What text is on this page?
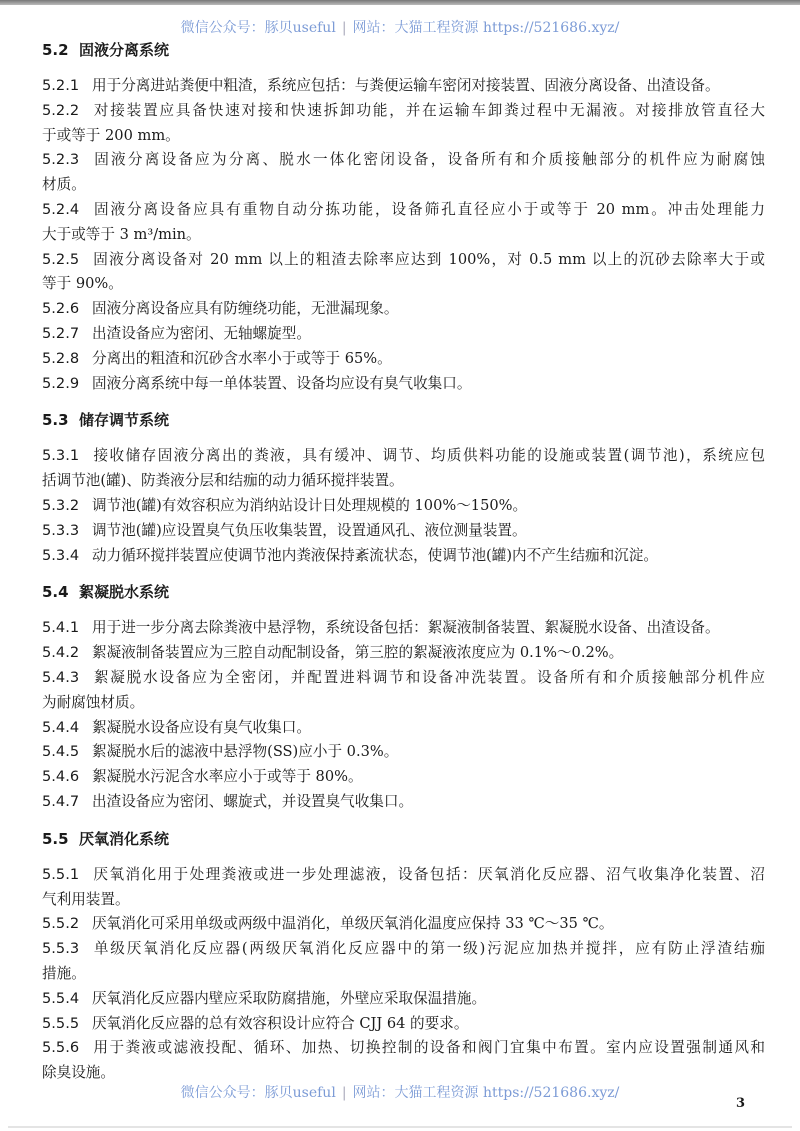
微信公众号：豚贝useful | 网站：大猫工程资源 https://521686.xyz/
5.2 固液分离系统
5.2.1 用于分离进站粪便中粗渣，系统应包括：与粪便运输车密闭对接装置、固液分离设备、出渣设备。
5.2.2 对接装置应具备快速对接和快速拆卸功能，并在运输车卸粪过程中无漏液。对接排放管直径大
于或等于 200 mm。
5.2.3 固液分离设备应为分离、脱水一体化密闭设备，设备所有和介质接触部分的机件应为耐腐蚀
材质。
5.2.4 固液分离设备应具有重物自动分拣功能，设备筛孔直径应小于或等于 20 mm。冲击处理能力
大于或等于 3 m³/min。
5.2.5 固液分离设备对 20 mm 以上的粗渣去除率应达到 100%，对 0.5 mm 以上的沉砂去除率大于或
等于 90%。
5.2.6 固液分离设备应具有防缠绕功能，无泄漏现象。
5.2.7 出渣设备应为密闭、无轴螺旋型。
5.2.8 分离出的粗渣和沉砂含水率小于或等于 65%。
5.2.9 固液分离系统中每一单体装置、设备均应设有臭气收集口。
5.3 储存调节系统
5.3.1 接收储存固液分离出的粪液，具有缓冲、调节、均质供料功能的设施或装置(调节池)，系统应包
括调节池(罐)、防粪液分层和结痂的动力循环搅拌装置。
5.3.2 调节池(罐)有效容积应为消纳站设计日处理规模的 100%～150%。
5.3.3 调节池(罐)应设置臭气负压收集装置，设置通风孔、液位测量装置。
5.3.4 动力循环搅拌装置应使调节池内粪液保持紊流状态，使调节池(罐)内不产生结痂和沉淀。
5.4 絮凝脱水系统
5.4.1 用于进一步分离去除粪液中悬浮物，系统设备包括：絮凝液制备装置、絮凝脱水设备、出渣设备。
5.4.2 絮凝液制备装置应为三腔自动配制设备，第三腔的絮凝液浓度应为 0.1%～0.2%。
5.4.3 絮凝脱水设备应为全密闭，并配置进料调节和设备冲洗装置。设备所有和介质接触部分机件应
为耐腐蚀材质。
5.4.4 絮凝脱水设备应设有臭气收集口。
5.4.5 絮凝脱水后的滤液中悬浮物(SS)应小于 0.3%。
5.4.6 絮凝脱水污泥含水率应小于或等于 80%。
5.4.7 出渣设备应为密闭、螺旋式，并设置臭气收集口。
5.5 厌氧消化系统
5.5.1 厌氧消化用于处理粪液或进一步处理滤液，设备包括：厌氧消化反应器、沼气收集净化装置、沼
气利用装置。
5.5.2 厌氧消化可采用单级或两级中温消化，单级厌氧消化温度应保持 33 ℃～35 ℃。
5.5.3 单级厌氧消化反应器(两级厌氧消化反应器中的第一级)污泥应加热并搅拌，应有防止浮渣结痂
措施。
5.5.4 厌氧消化反应器内壁应采取防腐措施，外壁应采取保温措施。
5.5.5 厌氧消化反应器的总有效容积设计应符合 CJJ 64 的要求。
5.5.6 用于粪液或滤液投配、循环、加热、切换控制的设备和阀门宜集中布置。室内应设置强制通风和
除臭设施。
微信公众号：豚贝useful | 网站：大猫工程资源 https://521686.xyz/
3
